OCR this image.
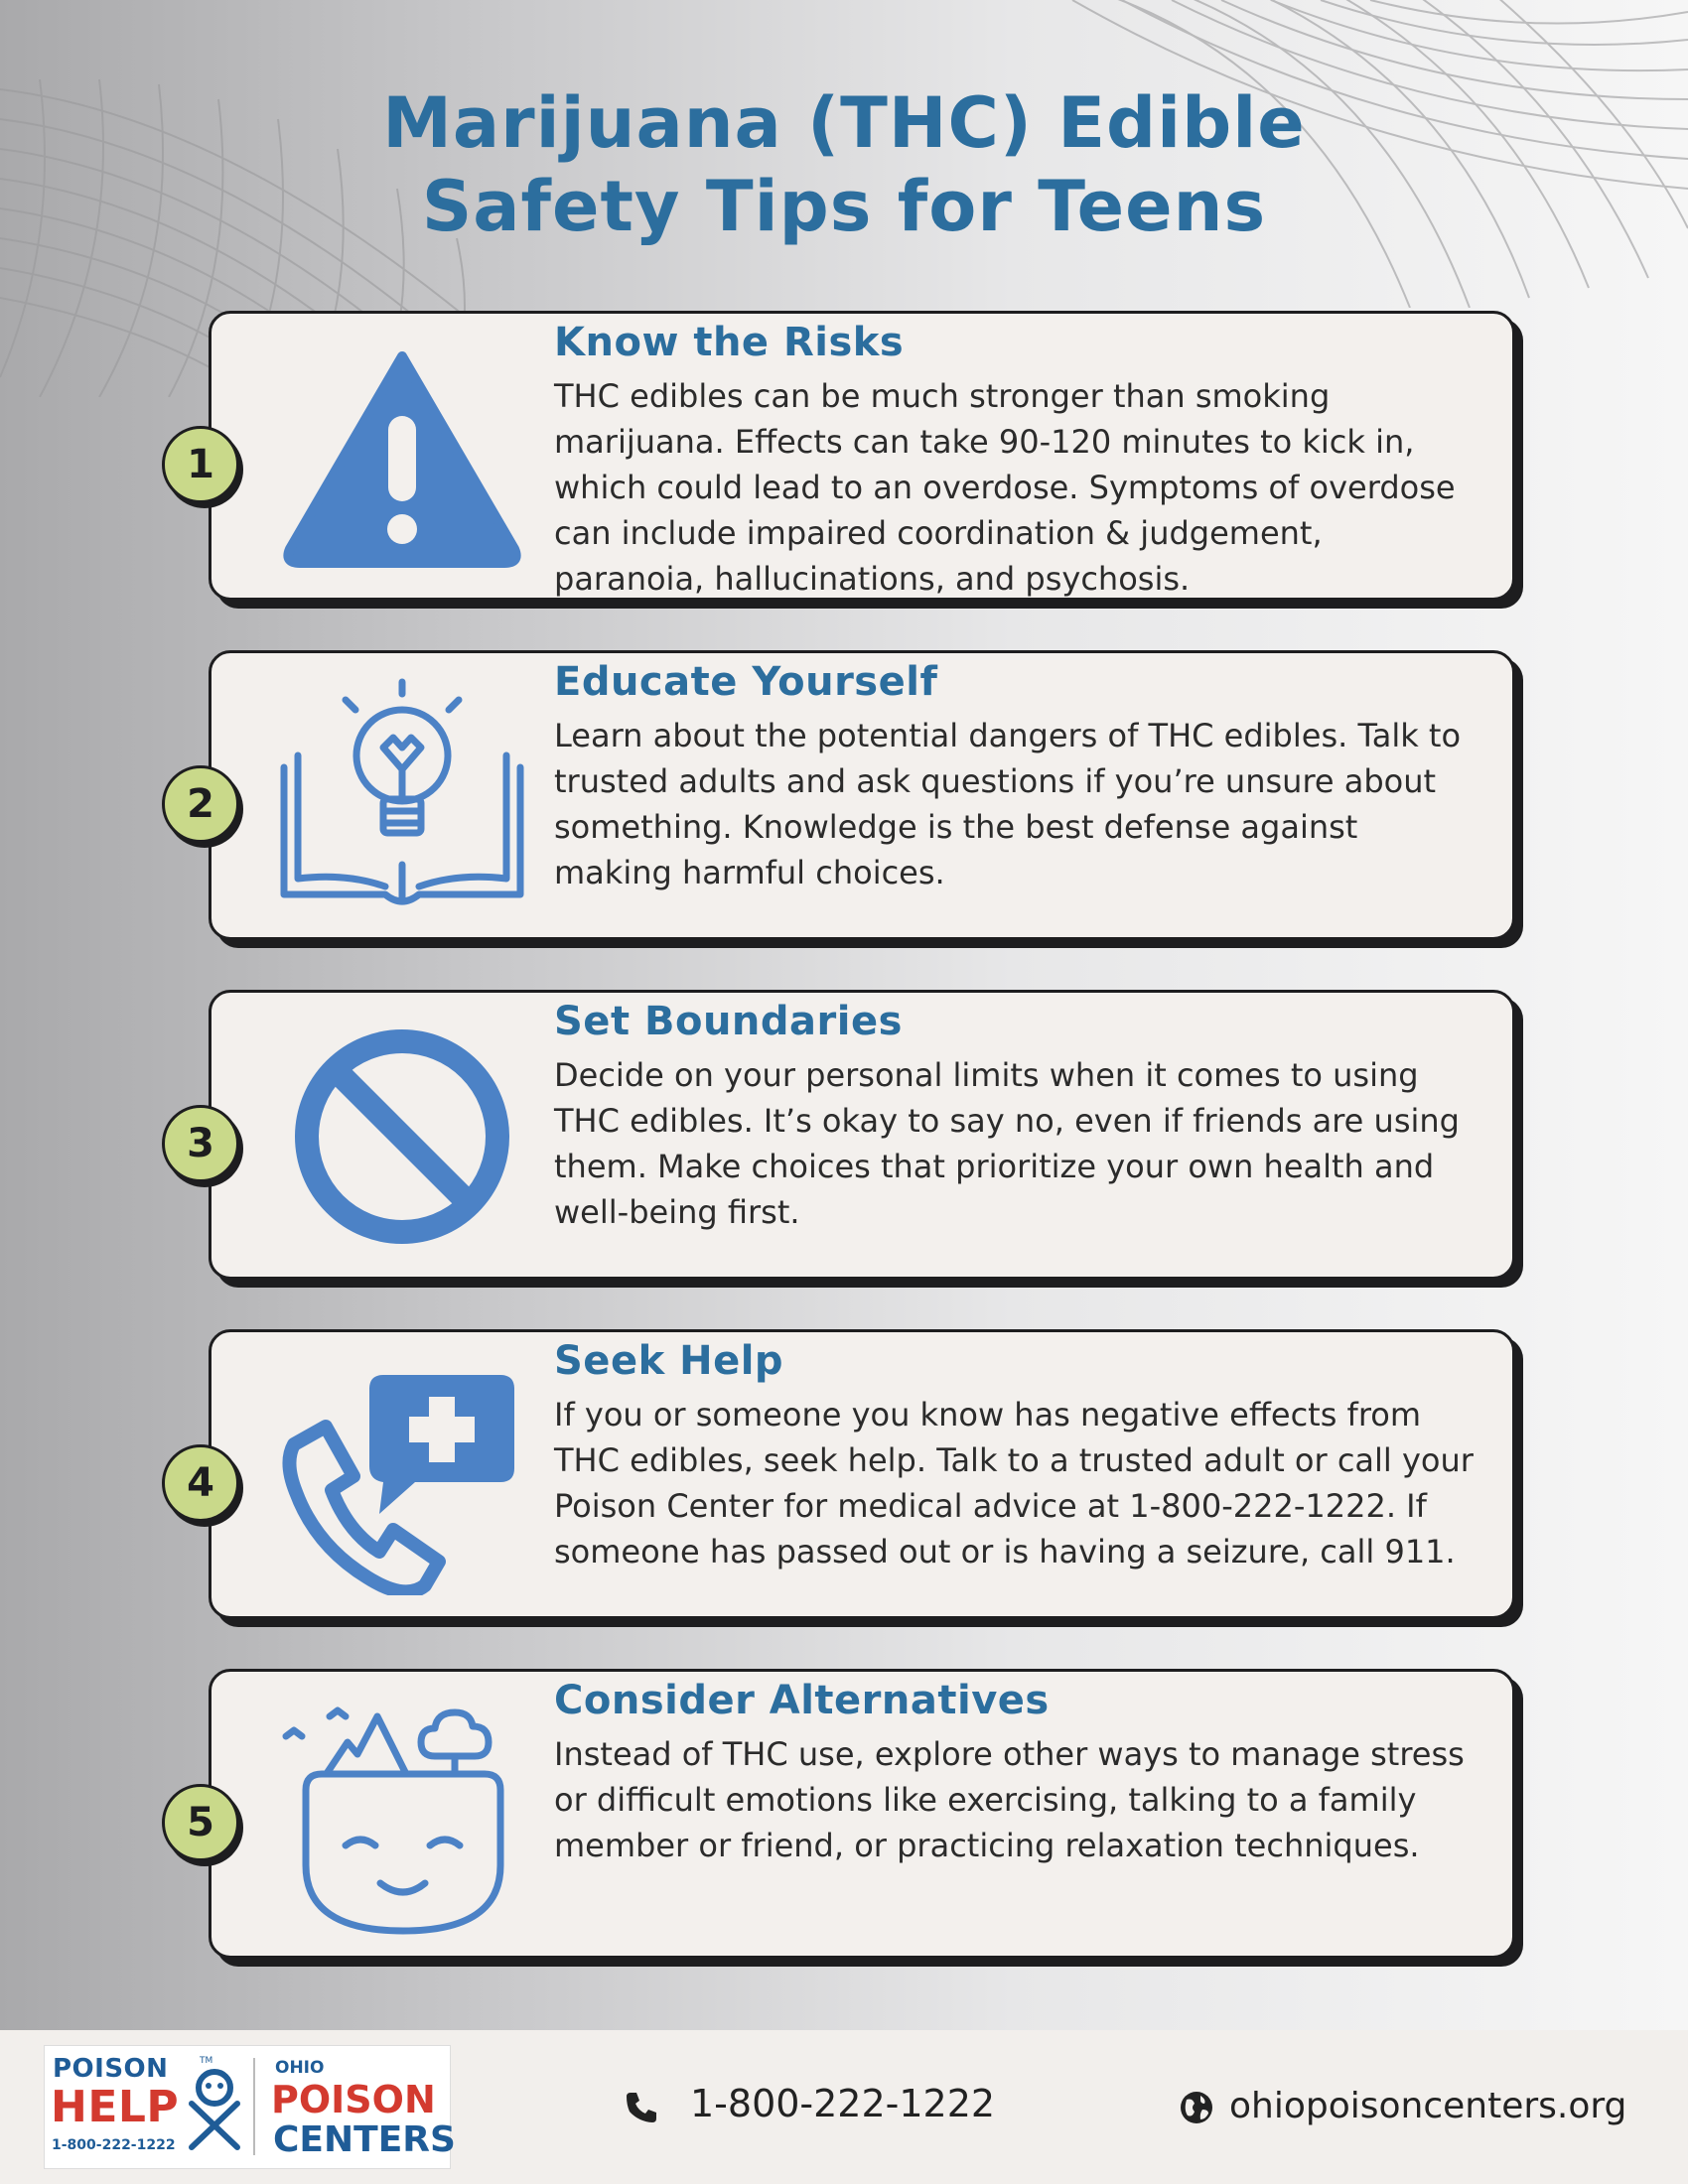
Marijuana (THC) Edible
Safety Tips for Teens
1
Know the Risks

THC edibles can be much stronger than smoking marijuana. Effects can take 90-120 minutes to kick in, which could lead to an overdose. Symptoms of overdose can include impaired coordination & judgement, paranoia, hallucinations, and psychosis.

2
Educate Yourself

Learn about the potential dangers of THC edibles. Talk to trusted adults and ask questions if you’re unsure about something. Knowledge is the best defense against making harmful choices.

3
Set Boundaries

Decide on your personal limits when it comes to using THC edibles. It’s okay to say no, even if friends are using them. Make choices that prioritize your own health and well-being first.

4
Seek Help

If you or someone you know has negative effects from THC edibles, seek help. Talk to a trusted adult or call your Poison Center for medical advice at 1-800-222-1222. If someone has passed out or is having a seizure, call 911.

5
Consider Alternatives

Instead of THC use, explore other ways to manage stress or difficult emotions like exercising, talking to a family member or friend, or practicing relaxation techniques.

POISON
HELP
1-800-222-1222
TM	OHIO
POISON
CENTERS
1-800-222-1222	ohiopoisoncenters.org
